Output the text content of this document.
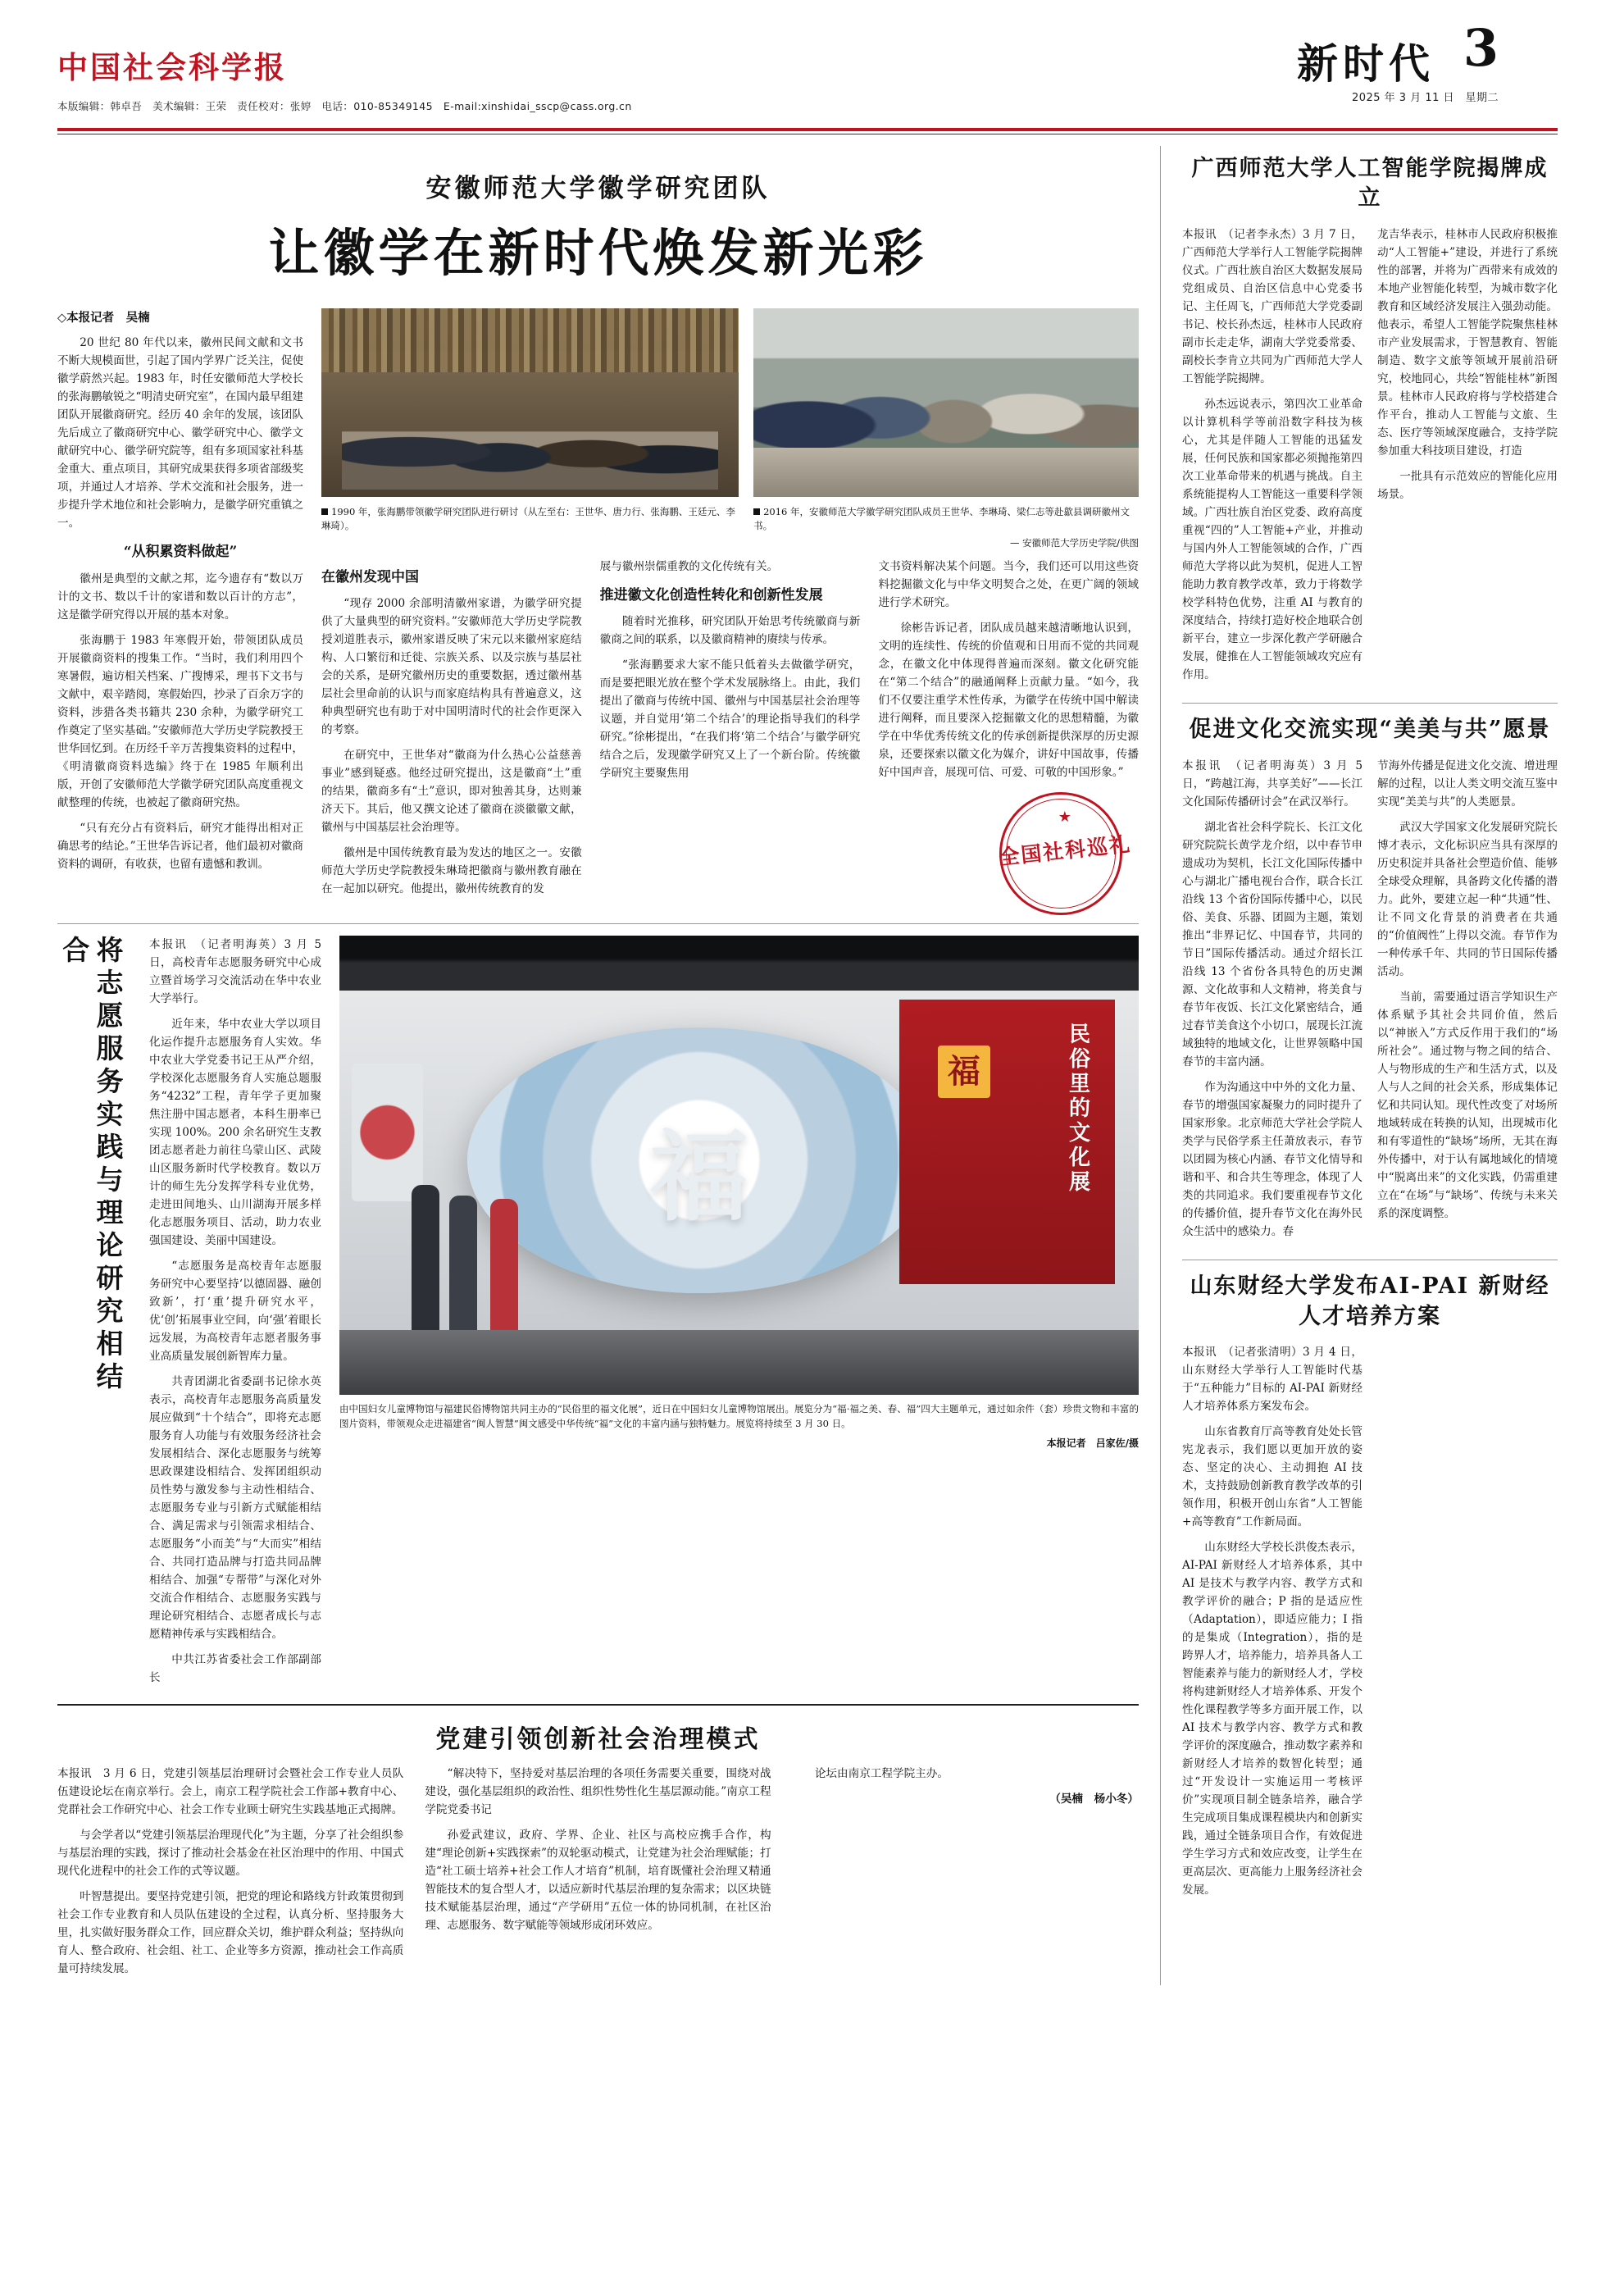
中国社会科学报
本版编辑：韩卓吾　美术编辑：王荣　责任校对：张婷　电话：010-85349145　E-mail:xinshidai_sscp@cass.org.cn
新时代 3
2025 年 3 月 11 日　星期二
安徽师范大学徽学研究团队
让徽学在新时代焕发新光彩
◇本报记者　吴楠

20 世纪 80 年代以来，徽州民间文献和文书不断大规模面世，引起了国内学界广泛关注，促使徽学蔚然兴起。1983 年，时任安徽师范大学校长的张海鹏敏锐之“明清史研究室”，在国内最早组建团队开展徽商研究。经历 40 余年的发展，该团队先后成立了徽商研究中心、徽学研究中心、徽学文献研究中心、徽学研究院等，组有多项国家社科基金重大、重点项目，其研究成果获得多项省部级奖项，并通过人才培养、学术交流和社会服务，进一步提升学术地位和社会影响力，是徽学研究重镇之一。

“从积累资料做起”

徽州是典型的文献之邦，迄今遗存有“数以万计的文书、数以千计的家谱和数以百计的方志”，这是徽学研究得以开展的基本对象。

张海鹏于 1983 年寒假开始，带领团队成员开展徽商资料的搜集工作。“当时，我们利用四个寒暑假，遍访相关档案、广搜博采，理书下文书与文献中，艰辛踏阅，寒假始四，抄录了百余万字的资料，涉猎各类书籍共 230 余种，为徽学研究工作奠定了坚实基础。”安徽师范大学历史学院教授王世华回忆到。在历经千辛万苦搜集资料的过程中，《明清徽商资料选编》终于在 1985 年顺利出版，开创了安徽师范大学徽学研究团队高度重视文献整理的传统，也被起了徽商研究热。

“只有充分占有资料后，研究才能得出相对正确思考的结论。”王世华告诉记者，他们最初对徽商资料的调研，有收获，也留有遗憾和教训。

1990 年，张海鹏带领徽学研究团队进行研讨（从左至右：王世华、唐力行、张海鹏、王廷元、李琳琦）。
2016 年，安徽师范大学徽学研究团队成员王世华、李琳琦、梁仁志等赴歙县调研徽州文书。
— 安徽师范大学历史学院/供图
在徽州发现中国

“现存 2000 余部明清徽州家谱，为徽学研究提供了大量典型的研究资料。”安徽师范大学历史学院教授刘道胜表示，徽州家谱反映了宋元以来徽州家庭结构、人口繁衍和迁徙、宗族关系、以及宗族与基层社会的关系，是研究徽州历史的重要数据，透过徽州基层社会里命前的认识与而家庭结构具有普遍意义，这种典型研究也有助于对中国明清时代的社会作更深入的考察。

在研究中，王世华对“徽商为什么热心公益慈善事业”感到疑惑。他经过研究提出，这是徽商“土”重的结果，徽商多有“土”意识，即对独善其身，达则兼济天下。其后，他又撰文论述了徽商在淡徽徽文献，徽州与中国基层社会治理等。

徽州是中国传统教育最为发达的地区之一。安徽师范大学历史学院教授朱琳琦把徽商与徽州教育融在在一起加以研究。他提出，徽州传统教育的发

展与徽州崇儒重教的文化传统有关。

推进徽文化创造性转化和创新性发展

随着时光推移，研究团队开始思考传统徽商与新徽商之间的联系，以及徽商精神的赓续与传承。

“张海鹏要求大家不能只低着头去做徽学研究，而是要把眼光放在整个学术发展脉络上。由此，我们提出了徽商与传统中国、徽州与中国基层社会治理等议题，并自觉用‘第二个结合’的理论指导我们的科学研究。”徐彬提出，“在我们将‘第二个结合’与徽学研究结合之后，发现徽学研究又上了一个新台阶。传统徽学研究主要聚焦用

文书资料解决某个问题。当今，我们还可以用这些资料挖掘徽文化与中华文明契合之处，在更广阔的领域进行学术研究。

徐彬告诉记者，团队成员越来越清晰地认识到，文明的连续性、传统的价值观和日用而不觉的共同观念，在徽文化中体现得普遍而深刻。徽文化研究能在“第二个结合”的融通阐释上贡献力量。“如今，我们不仅要注重学术性传承，为徽学在传统中国中解读进行阐释，而且要深入挖掘徽文化的思想精髓，为徽学在中华优秀传统文化的传承创新提供深厚的历史源泉，还要探索以徽文化为媒介，讲好中国故事，传播好中国声音，展现可信、可爱、可敬的中国形象。”

★
全国社科巡礼
将志愿服务实践与理论研究相结合	本报讯　（记者明海英）3 月 5 日，高校青年志愿服务研究中心成立暨首场学习交流活动在华中农业大学举行。

近年来，华中农业大学以项目化运作提升志愿服务育人实效。华中农业大学党委书记王从严介绍，学校深化志愿服务育人实施总题服务“4232”工程，青年学子更加聚焦注册中国志愿者，本科生册率已实现 100%。200 余名研究生支教团志愿者赴力前往乌蒙山区、武陵山区服务新时代学校教育。数以万计的师生先分发挥学科专业优势，走进田间地头、山川湖海开展多样化志愿服务项目、活动，助力农业强国建设、美丽中国建设。

“志愿服务是高校青年志愿服务研究中心要坚持‘以德固器、融创致新’，打‘重’提升研究水平，优‘创’拓展事业空间，向‘强’着眼长远发展，为高校青年志愿者服务事业高质量发展创新智库力量。

共青团湖北省委副书记徐水英表示，高校青年志愿服务高质量发展应做到“十个结合”，即将充志愿服务育人功能与有效服务经济社会发展相结合、深化志愿服务与统筹思政课建设相结合、发挥团组织动员性势与激发参与主动性相结合、志愿服务专业与引新方式赋能相结合、满足需求与引领需求相结合、志愿服务“小而美”与“大而实”相结合、共同打造品牌与打造共同品牌相结合、加强“专帮带”与深化对外交流合作相结合、志愿服务实践与理论研究相结合、志愿者成长与志愿精神传承与实践相结合。

中共江苏省委社会工作部副部长

福
福	民俗里的文化展
由中国妇女儿童博物馆与福建民俗博物馆共同主办的“民俗里的福文化展”，近日在中国妇女儿童博物馆展出。展览分为“福·福之美、春、福”四大主题单元，通过如余件（套）珍贵文物和丰富的图片资料，带领观众走进福建省“闽人智慧”闽文感受中华传统“福”文化的丰富内涵与独特魅力。展览将持续至 3 月 30 日。
本报记者　吕家佐/摄
党建引领创新社会治理模式

本报讯　3 月 6 日，党建引领基层治理研讨会暨社会工作专业人员队伍建设论坛在南京举行。会上，南京工程学院社会工作部+教育中心、党群社会工作研究中心、社会工作专业顾士研究生实践基地正式揭牌。

与会学者以“党建引领基层治理现代化”为主题，分享了社会组织参与基层治理的实践，探讨了推动社会基金在社区治理中的作用、中国式现代化进程中的社会工作的式等议题。

叶智慧提出。要坚持党建引领，把党的理论和路线方针政策贯彻到社会工作专业教育和人员队伍建设的全过程，认真分析、坚持服务大里，扎实做好服务群众工作，回应群众关切，维护群众利益；坚持纵向育人、整合政府、社会组、社工、企业等多方资源，推动社会工作高质量可持续发展。

“解决特下，坚持爱对基层治理的各项任务需要关重要，围绕对战建设，强化基层组织的政治性、组织性势性化生基层源动能。”南京工程学院党委书记

孙爱武建议，政府、学界、企业、社区与高校应携手合作，构建“理论创新+实践探索”的双轮驱动模式，让党建为社会治理赋能；打造“社工硕士培养+社会工作人才培育”机制，培育既懂社会治理又精通智能技术的复合型人才，以适应新时代基层治理的复杂需求；以区块链技术赋能基层治理，通过“产学研用”五位一体的协同机制，在社区治理、志愿服务、数字赋能等领域形成闭环效应。

论坛由南京工程学院主办。

（吴楠　杨小冬）

广西师范大学人工智能学院揭牌成立

本报讯　（记者李永杰）3 月 7 日，广西师范大学举行人工智能学院揭牌仪式。广西壮族自治区大数据发展局党组成员、自治区信息中心党委书记、主任周飞，广西师范大学党委副书记、校长孙杰远，桂林市人民政府副市长走走华，湖南大学党委常委、副校长李肯立共同为广西师范大学人工智能学院揭牌。

孙杰远说表示，第四次工业革命以计算机科学等前沿数字科技为核心，尤其是伴随人工智能的迅猛发展，任何民族和国家都必须抛拖第四次工业革命带来的机遇与挑战。自主系统能提构人工智能这一重要科学领域。广西壮族自治区党委、政府高度重视“四的”人工智能+产业，并推动与国内外人工智能领域的合作，广西师范大学将以此为契机，促进人工智能助力教育教学改革，致力于将数学校学科特色优势，注重 AI 与教育的深度结合，持续打造好校企地联合创新平台，建立一步深化教产学研融合发展，健推在人工智能领域攻究应有作用。

龙吉华表示，桂林市人民政府积极推动“人工智能+”建设，并进行了系统性的部署，并将为广西带来有成效的本地产业智能化转型，为城市数字化教育和区域经济发展注入强劲动能。他表示，希望人工智能学院聚焦桂林市产业发展需求，于智慧教育、智能制造、数字文旅等领域开展前沿研究，校地同心，共绘“智能桂林”新图景。桂林市人民政府将与学校搭建合作平台，推动人工智能与文旅、生态、医疗等领域深度融合，支持学院参加重大科技项目建设，打造

一批具有示范效应的智能化应用场景。

促进文化交流实现“美美与共”愿景

本报讯　（记者明海英）3 月 5 日，“跨越江海，共享美好”——长江文化国际传播研讨会”在武汉举行。

湖北省社会科学院长、长江文化研究院院长黄学龙介绍，以中春节申遗成功为契机，长江文化国际传播中心与湖北广播电视台合作，联合长江沿线 13 个省份国际传播中心，以民俗、美食、乐器、团圆为主题，策划推出“非界记忆、中国春节，共同的节日”国际传播活动。通过介绍长江沿线 13 个省份各具特色的历史渊源、文化故事和人文精神，将美食与春节年夜饭、长江文化紧密结合，通过春节美食这个小切口，展现长江流域独特的地域文化，让世界领略中国春节的丰富内涵。

作为沟通这中中外的文化力量、春节的增强国家凝聚力的同时提升了国家形象。北京师范大学社会学院人类学与民俗学系主任萧放表示，春节以团圆为核心内涵、春节文化情导和谐和平、和合共生等理念，体现了人类的共同追求。我们要重视春节文化的传播价值，提升春节文化在海外民众生活中的感染力。春

节海外传播是促进文化交流、增进理解的过程，以让人类文明交流互鉴中实现“美美与共”的人类愿景。

武汉大学国家文化发展研究院长博才表示，文化标识应当具有深厚的历史积淀并具备社会塑造价值、能够全球受众理解，具备跨文化传播的潜力。此外，要建立起一种“共通”性、让不同文化背景的消费者在共通的“价值阀性”上得以交流。春节作为一种传承千年、共同的节日国际传播活动。

当前，需要通过语言学知识生产体系赋予其社会共同价值，然后以“神嵌入”方式反作用于我们的“场所社会”。通过物与物之间的结合、人与物形成的生产和生活方式，以及人与人之间的社会关系，形成集体记忆和共同认知。现代性改变了对场所地域转成在转换的认知，出现城市化和有零道性的“缺场”场所，无其在海外传播中，对于认有属地域化的情境中“脱离出来”的文化实践，仍需重建立在“在场”与“缺场”、传统与未来关系的深度调整。

山东财经大学发布AI-PAI 新财经人才培养方案

本报讯　（记者张清明）3 月 4 日，山东财经大学举行人工智能时代基于“五种能力”目标的 AI-PAI 新财经人才培养体系方案发布会。

山东省教育厅高等教育处处长管宪龙表示，我们愿以更加开放的姿态、坚定的决心、主动拥抱 AI 技术，支持鼓励创新教育教学改革的引领作用，积极开创山东省“人工智能+高等教育”工作新局面。

山东财经大学校长洪俊杰表示，AI-PAI 新财经人才培养体系，其中 AI 是技术与教学内容、教学方式和教学评价的融合；P 指的是适应性（Adaptation），即适应能力；I 指的是集成（Integration），指的是跨界人才，培养能力，培养具备人工智能素养与能力的新财经人才，学校将构建新财经人才培养体系、开发个性化课程教学等多方面开展工作，以 AI 技术与教学内容、教学方式和教学评价的深度融合，推动数字素养和新财经人才培养的数智化转型；通过“开发设计一实施运用一考核评价”实现项目制全链条培养，融合学生完成项目集成课程模块内和创新实践，通过全链条项目合作，有效促进学生学习方式和效应改变，让学生在更高层次、更高能力上服务经济社会发展。
